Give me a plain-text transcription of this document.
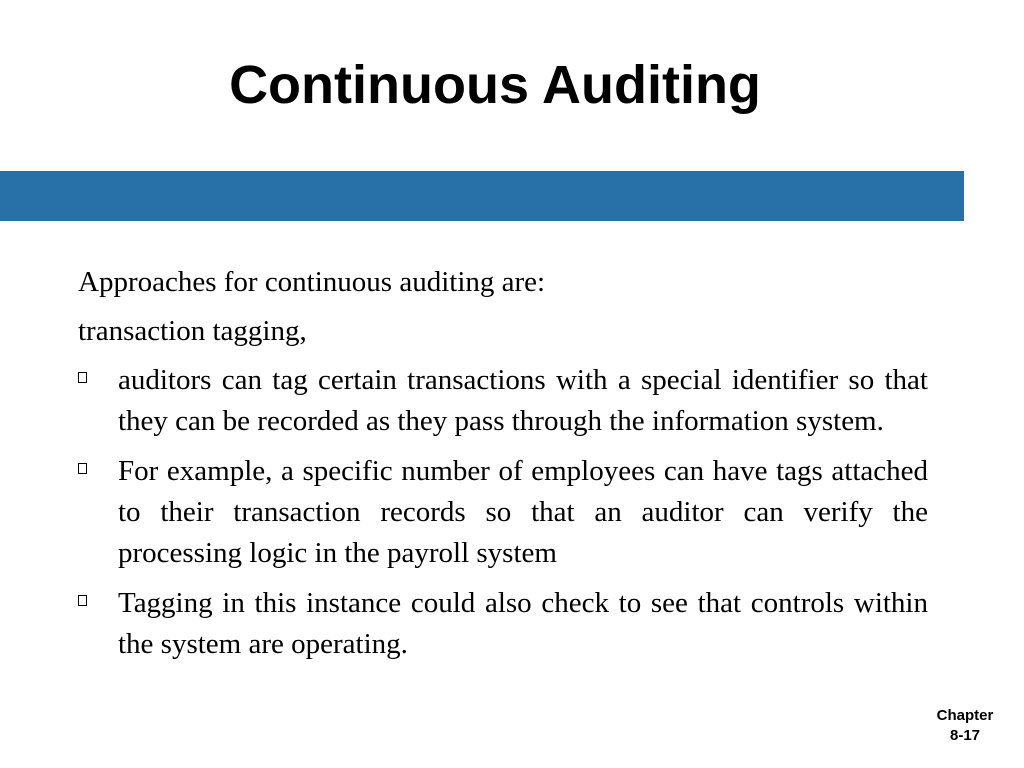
Continuous Auditing

Approaches for continuous auditing are:

transaction tagging,

auditors can tag certain transactions with a special identifier so that they can be recorded as they pass through the information system.
For example, a specific number of employees can have tags attached to their transaction records so that an auditor can verify the processing logic in the payroll system
Tagging in this instance could also check to see that controls within the system are operating.
Chapter
8-17
